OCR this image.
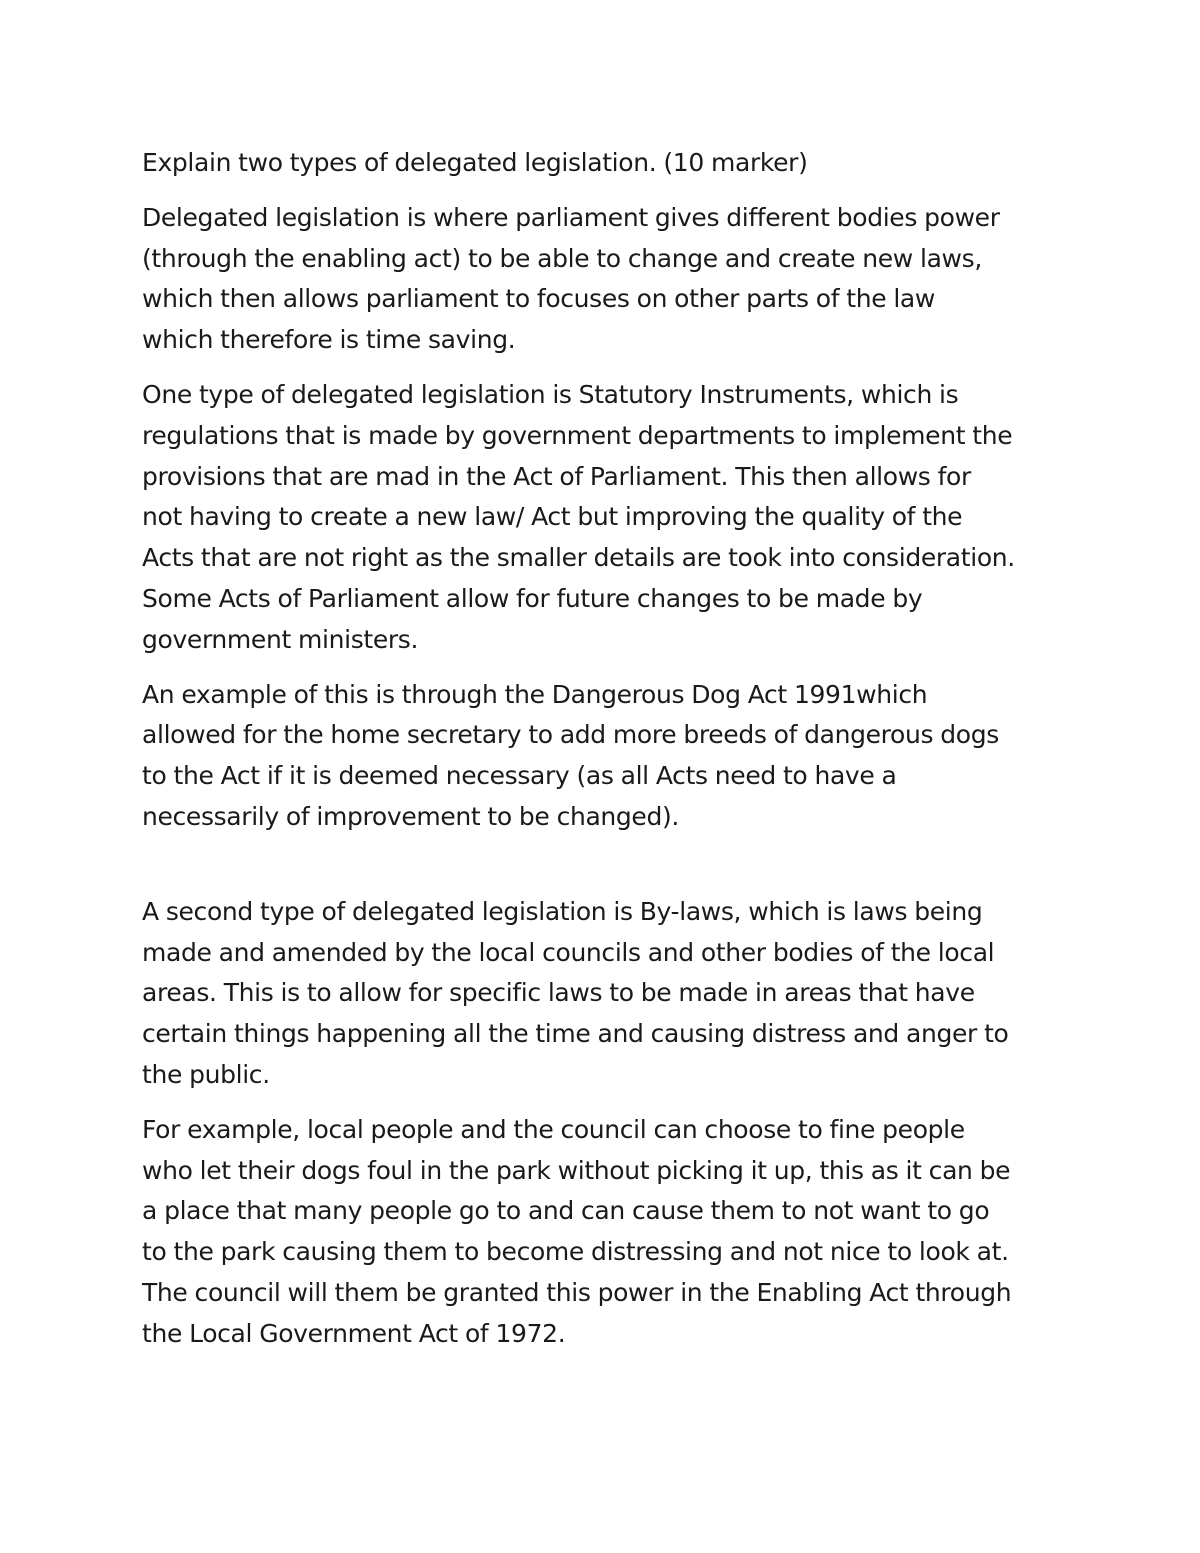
Explain two types of delegated legislation. (10 marker)

Delegated legislation is where parliament gives different bodies power
(through the enabling act) to be able to change and create new laws,
which then allows parliament to focuses on other parts of the law
which therefore is time saving.

One type of delegated legislation is Statutory Instruments, which is
regulations that is made by government departments to implement the
provisions that are mad in the Act of Parliament. This then allows for
not having to create a new law/ Act but improving the quality of the
Acts that are not right as the smaller details are took into consideration.
Some Acts of Parliament allow for future changes to be made by
government ministers.

An example of this is through the Dangerous Dog Act 1991which
allowed for the home secretary to add more breeds of dangerous dogs
to the Act if it is deemed necessary (as all Acts need to have a
necessarily of improvement to be changed).

A second type of delegated legislation is By-laws, which is laws being
made and amended by the local councils and other bodies of the local
areas. This is to allow for specific laws to be made in areas that have
certain things happening all the time and causing distress and anger to
the public.

For example, local people and the council can choose to fine people
who let their dogs foul in the park without picking it up, this as it can be
a place that many people go to and can cause them to not want to go
to the park causing them to become distressing and not nice to look at.
The council will them be granted this power in the Enabling Act through
the Local Government Act of 1972.
